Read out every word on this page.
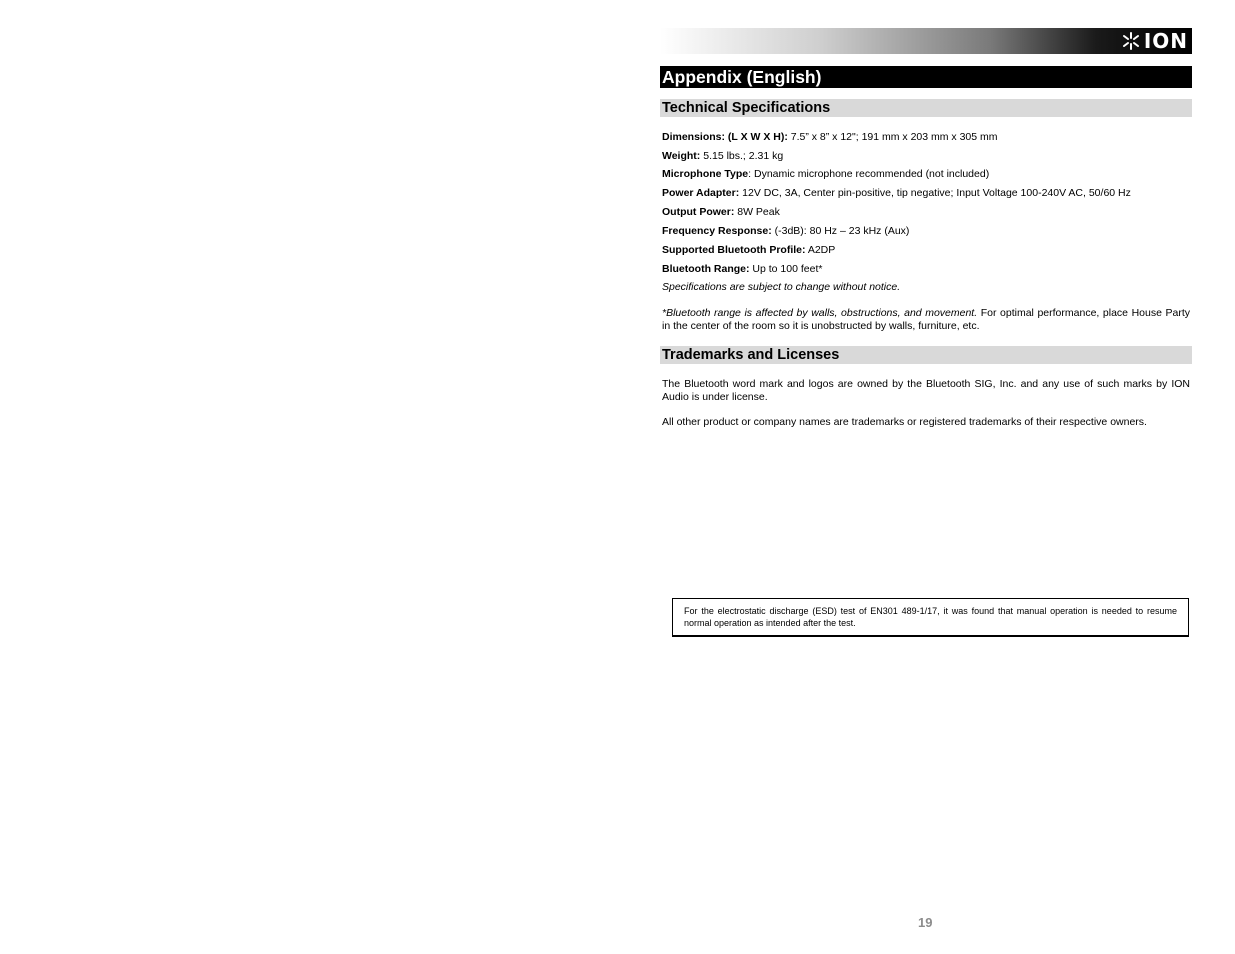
ION
Appendix (English)
Technical Specifications
Dimensions: (L X W X H): 7.5” x 8” x 12"; 191 mm x 203 mm x 305 mm
Weight: 5.15 lbs.; 2.31 kg
Microphone Type: Dynamic microphone recommended (not included)
Power Adapter: 12V DC, 3A, Center pin-positive, tip negative; Input Voltage 100-240V AC, 50/60 Hz
Output Power: 8W Peak
Frequency Response: (-3dB): 80 Hz – 23 kHz (Aux)
Supported Bluetooth Profile: A2DP
Bluetooth Range: Up to 100 feet*
Specifications are subject to change without notice.
*Bluetooth range is affected by walls, obstructions, and movement. For optimal performance, place House Party in the center of the room so it is unobstructed by walls, furniture, etc.
Trademarks and Licenses
The Bluetooth word mark and logos are owned by the Bluetooth SIG, Inc. and any use of such marks by ION Audio is under license.
All other product or company names are trademarks or registered trademarks of their respective owners.
For the electrostatic discharge (ESD) test of EN301 489-1/17, it was found that manual operation is needed to resume normal operation as intended after the test.
19
